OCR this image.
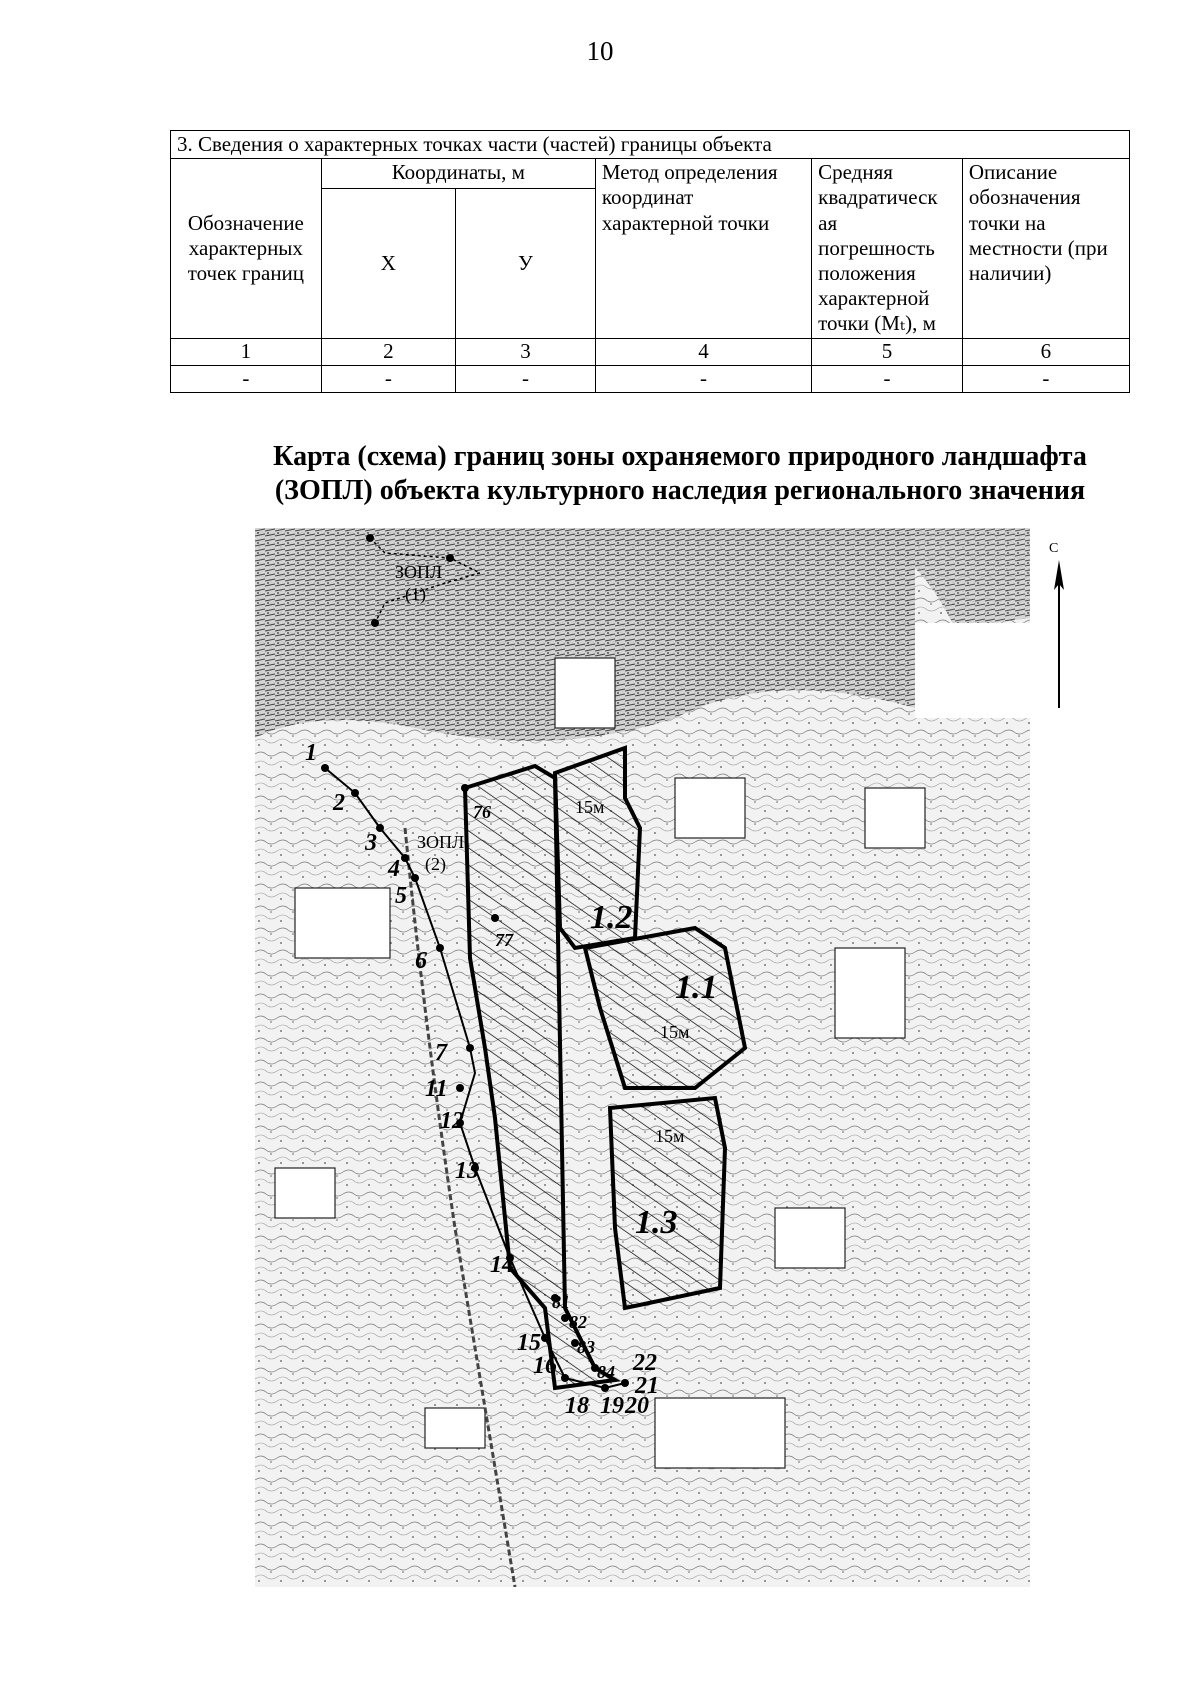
10
3. Сведения о характерных точках части (частей) границы объекта					
Обозначение характерных точек границ	Координаты, м		Метод определения координат характерной точки	Средняя квадратическ ая погрешность положения характерной точки (Mₜ), м	Описание обозначения точки на местности (при наличии)
	X	У			
1	2	3	4	5	6
-	-	-	-	-	-
Карта (схема) границ зоны охраняемого природного ландшафта
(ЗОПЛ) объекта культурного наследия регионального значения
1
2
3
4
5
6
7
11
12
13
14
15
16
18 19 20
21
22
76
77
81
82
83
84
ЗОПЛ
(1)
ЗОПЛ
(2)
15м
15м
15м
1.1
1.2
1.3
С
